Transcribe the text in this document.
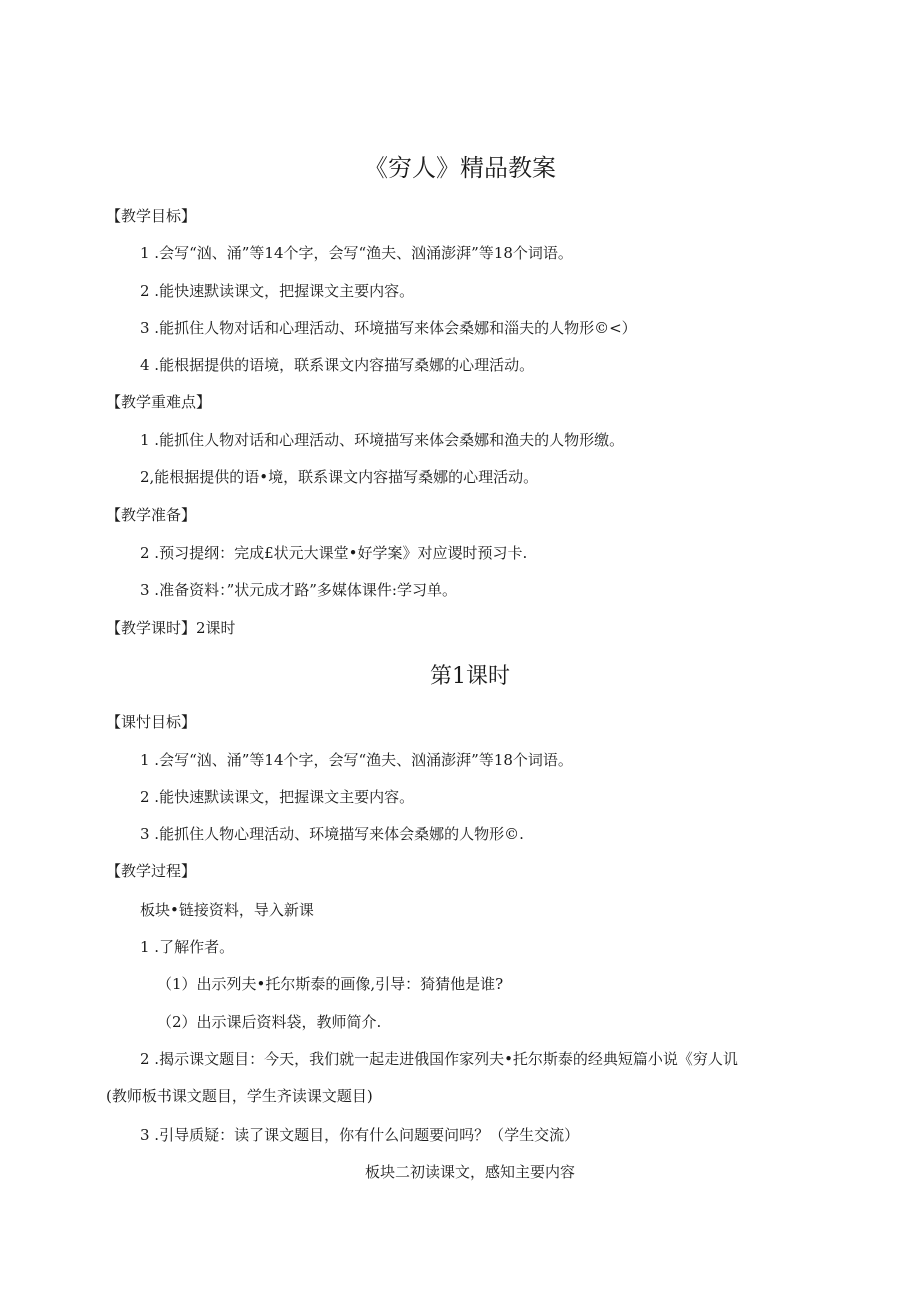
《穷人》精品教案
【教学目标】
1 .会写“汹、涌”等14个字，会写“渔夫、汹涌澎湃”等18个词语。
2 .能快速默读课文，把握课文主要内容。
3 .能抓住人物对话和心理活动、环境描写来体会桑娜和淄夫的人物形©<）
4 .能根据提供的语境，联系课文内容描写桑娜的心理活动。
【教学重难点】
1 .能抓住人物对话和心理活动、环境描写来体会桑娜和渔夫的人物形缴。
2,能根据提供的语•境，联系课文内容描写桑娜的心理活动。
【教学准备】
2 .预习提纲：完成£状元大课堂•好学案》对应谡时预习卡.
3 .准备资料：”状元成才路”多媒体课件:学习单。
【教学课时】2课时
第1课时
【课忖目标】
1 .会写“汹、涌”等14个字，会写“渔夫、汹涌澎湃”等18个词语。
2 .能快速默读课文，把握课文主要内容。
3 .能抓住人物心理活动、环境描写来体会桑娜的人物形©.
【教学过程】
板块•链接资料，导入新课
1 .了解作者。
（1）出示列夫•托尔斯泰的画像,引导：猗猜他是谁?
（2）出示课后资料袋，教师简介.
2 .揭示课文题目：今天，我们就一起走进俄国作家列夫•托尔斯泰的经典短篇小说《穷人讥
(教师板书课文题目，学生齐读课文题目)
3 .引导质疑：读了课文题目，你有什么问题要问吗？（学生交流）
板块二初读课文，感知主要内容
